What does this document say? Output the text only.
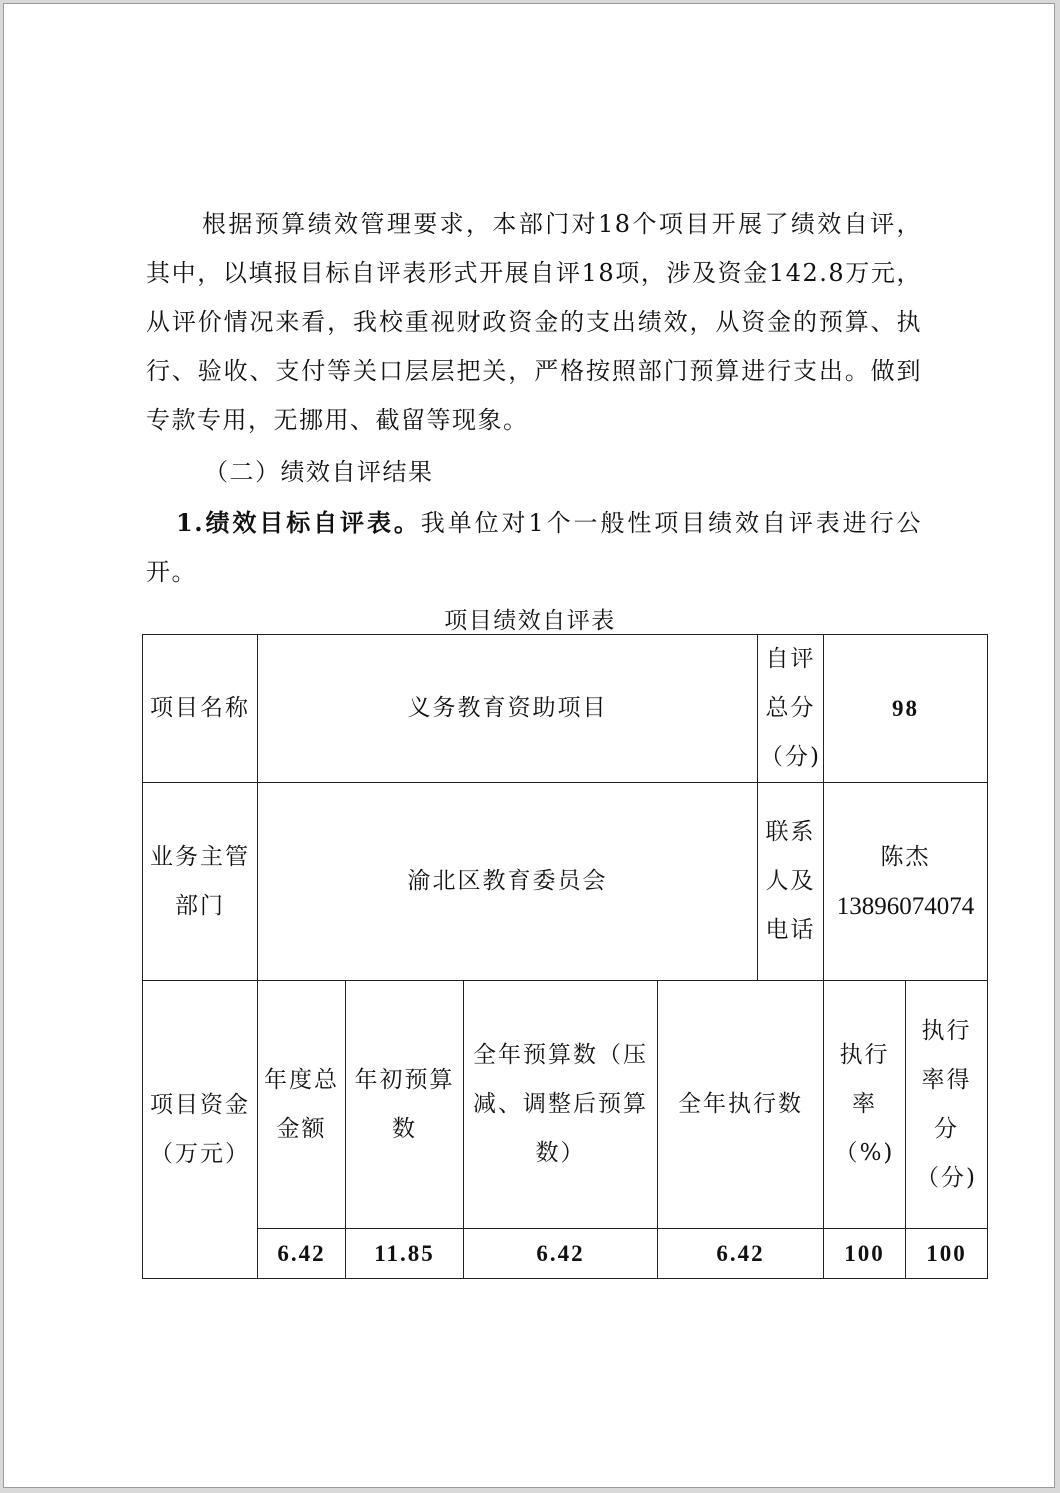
根据预算绩效管理要求，本部门对18个项目开展了绩效自评，其中，以填报目标自评表形式开展自评18项，涉及资金142.8万元，从评价情况来看，我校重视财政资金的支出绩效，从资金的预算、执行、验收、支付等关口层层把关，严格按照部门预算进行支出。做到专款专用，无挪用、截留等现象。

（二）绩效自评结果

1.绩效目标自评表。我单位对1个一般性项目绩效自评表进行公开。

项目绩效自评表
项目名称	义务教育资助项目				自评总分（分)	98	
业务主管部门	渝北区教育委员会				联系人及电话	陈杰
13896074074	

项目资金（万元）	年度总金额	年初预算数	全年预算数（压减、调整后预算数）	全年执行数		执行率（%)	执行率得分（分)
	6.42	11.85	6.42	6.42		100	100
